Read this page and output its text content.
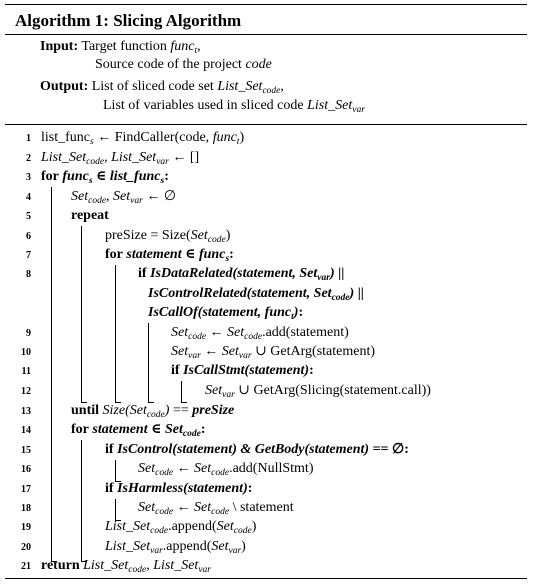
Algorithm 1: Slicing Algorithm
Input: Target function func$_t$,
Source code of the project code
Output: List of sliced code set List_Set$_{code}$,
List of variables used in sliced code List_Set$_{var}$
1
2
3
4
5
6
7
8
9
10
11
12
13
14
15
16
17
18
19
20
21
list_func$_s$ ← FindCaller(code, func$_t$)
List_Set$_{code}$, List_Set$_{var}$ ← []
for func$_s$ ∈ list_func$_s$:
Set$_{code}$, Set$_{var}$ ← ∅
repeat
preSize = Size(Set$_{code}$)
for statement ∈ func$_s$:
if IsDataRelated(statement, Set$_{var}$) ||
IsControlRelated(statement, Set$_{code}$) ||
IsCallOf(statement, func$_t$):
Set$_{code}$ ← Set$_{code}$.add(statement)
Set$_{var}$ ← Set$_{var}$ ∪ GetArg(statement)
if IsCallStmt(statement):
Set$_{var}$ ∪ GetArg(Slicing(statement.call))
until Size(Set$_{code}$) == preSize
for statement ∈ Set$_{code}$:
if IsControl(statement) & GetBody(statement) == ∅:
Set$_{code}$ ← Set$_{code}$.add(NullStmt)
if IsHarmless(statement):
Set$_{code}$ ← Set$_{code}$ \ statement
List_Set$_{code}$.append(Set$_{code}$)
List_Set$_{var}$.append(Set$_{var}$)
return List_Set$_{code}$, List_Set$_{var}$
